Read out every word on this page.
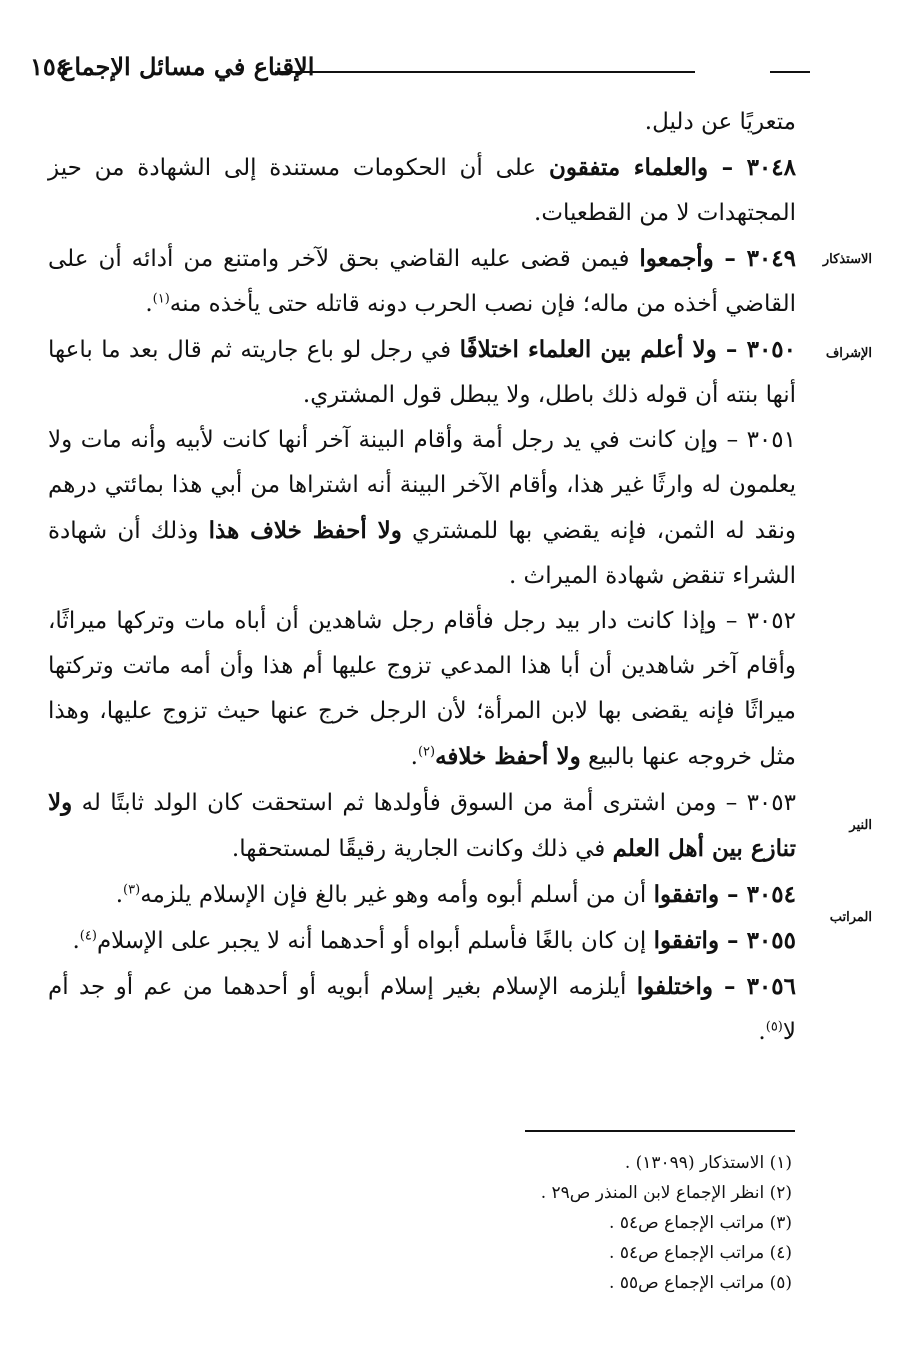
١٥٤
الإقناع في مسائل الإجماع
الاستذكار
الإشراف
النير
المراتب

متعريًا عن دليل.

٣٠٤٨ – والعلماء متفقون على أن الحكومات مستندة إلى الشهادة من حيز المجتهدات لا من القطعيات.

٣٠٤٩ – وأجمعوا فيمن قضى عليه القاضي بحق لآخر وامتنع من أدائه أن على القاضي أخذه من ماله؛ فإن نصب الحرب دونه قاتله حتى يأخذه منه$^{(١)}$.

٣٠٥٠ – ولا أعلم بين العلماء اختلافًا في رجل لو باع جاريته ثم قال بعد ما باعها أنها بنته أن قوله ذلك باطل، ولا يبطل قول المشتري.

٣٠٥١ – وإن كانت في يد رجل أمة وأقام البينة آخر أنها كانت لأبيه وأنه مات ولا يعلمون له وارثًا غير هذا، وأقام الآخر البينة أنه اشتراها من أبي هذا بمائتي درهم ونقد له الثمن، فإنه يقضي بها للمشتري ولا أحفظ خلاف هذا وذلك أن شهادة الشراء تنقض شهادة الميراث .

٣٠٥٢ – وإذا كانت دار بيد رجل فأقام رجل شاهدين أن أباه مات وتركها ميراثًا، وأقام آخر شاهدين أن أبا هذا المدعي تزوج عليها أم هذا وأن أمه ماتت وتركتها ميراثًا فإنه يقضى بها لابن المرأة؛ لأن الرجل خرج عنها حيث تزوج عليها، وهذا مثل خروجه عنها بالبيع ولا أحفظ خلافه$^{(٢)}$.

٣٠٥٣ – ومن اشترى أمة من السوق فأولدها ثم استحقت كان الولد ثابتًا له ولا تنازع بين أهل العلم في ذلك وكانت الجارية رقيقًا لمستحقها.

٣٠٥٤ – واتفقوا أن من أسلم أبوه وأمه وهو غير بالغ فإن الإسلام يلزمه$^{(٣)}$.

٣٠٥٥ – واتفقوا إن كان بالغًا فأسلم أبواه أو أحدهما أنه لا يجبر على الإسلام$^{(٤)}$.

٣٠٥٦ – واختلفوا أيلزمه الإسلام بغير إسلام أبويه أو أحدهما من عم أو جد أم لا$^{(٥)}$.

(١) الاستذكار (١٣٠٩٩) .
(٢) انظر الإجماع لابن المنذر ص٢٩ .
(٣) مراتب الإجماع ص٥٤ .
(٤) مراتب الإجماع ص٥٤ .
(٥) مراتب الإجماع ص٥٥ .
